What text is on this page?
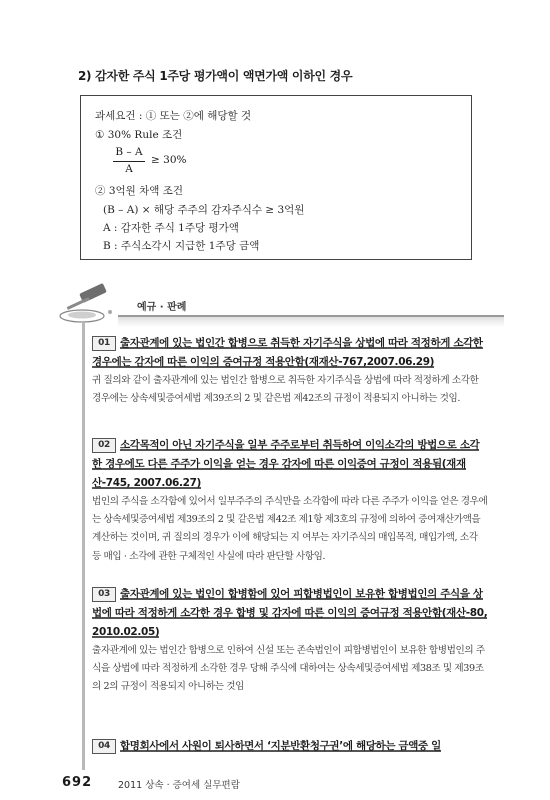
2) 감자한 주식 1주당 평가액이 액면가액 이하인 경우
과세요건 : ① 또는 ②에 해당할 것
① 30% Rule 조건
B – A
A
≥ 30%
② 3억원 차액 조건
(B – A) × 해당 주주의 감자주식수 ≥ 3억원
A : 감자한 주식 1주당 평가액
B : 주식소각시 지급한 1주당 금액
예규 · 판례

01 출자관계에 있는 법인간 합병으로 취득한 자기주식을 상법에 따라 적정하게 소각한 경우에는 감자에 따른 이익의 증여규정 적용안함(재재산-767,2007.06.29)

귀 질의와 같이 출자관계에 있는 법인간 합병으로 취득한 자기주식을 상법에 따라 적정하게 소각한 경우에는 상속세및증여세법 제39조의 2 및 같은법 제42조의 규정이 적용되지 아니하는 것임.

02 소각목적이 아닌 자기주식을 일부 주주로부터 취득하여 이익소각의 방법으로 소각한 경우에도 다른 주주가 이익을 얻는 경우 감자에 따른 이익증여 규정이 적용됨(재재산-745, 2007.06.27)

법인의 주식을 소각함에 있어서 일부주주의 주식만을 소각함에 따라 다른 주주가 이익을 얻은 경우에는 상속세및증여세법 제39조의 2 및 같은법 제42조 제1항 제3호의 규정에 의하여 증여재산가액을 계산하는 것이며, 귀 질의의 경우가 이에 해당되는 지 여부는 자기주식의 매입목적, 매입가액, 소각 등 매입 · 소각에 관한 구체적인 사실에 따라 판단할 사항임.

03 출자관계에 있는 법인이 합병함에 있어 피합병법인이 보유한 합병법인의 주식을 상법에 따라 적정하게 소각한 경우 합병 및 감자에 따른 이익의 증여규정 적용안함(재산-80, 2010.02.05)

출자관계에 있는 법인간 합병으로 인하여 신설 또는 존속법인이 피합병법인이 보유한 합병법인의 주식을 상법에 따라 적정하게 소각한 경우 당해 주식에 대하여는 상속세및증여세법 제38조 및 제39조의 2의 규정이 적용되지 아니하는 것임

04 합명회사에서 사원이 퇴사하면서 ‘지분반환청구권’에 해당하는 금액중 일

692	2011 상속 · 증여세 실무편람
